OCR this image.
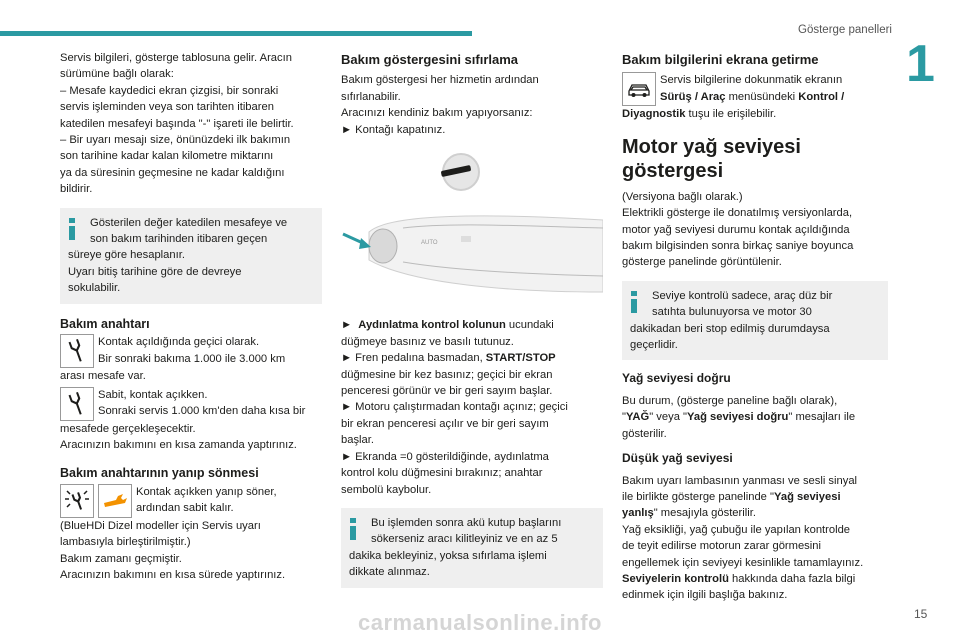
Gösterge panelleri
1
15
carmanualsonline.info

Servis bilgileri, gösterge tablosuna gelir. Aracın

sürümüne bağlı olarak:

– Mesafe kaydedici ekran çizgisi, bir sonraki

servis işleminden veya son tarihten itibaren

katedilen mesafeyi başında "-" işareti ile belirtir.

– Bir uyarı mesajı size, önünüzdeki ilk bakımın

son tarihine kadar kalan kilometre miktarını

ya da süresinin geçmesine ne kadar kaldığını

bildirir.

Gösterilen değer katedilen mesafeye ve

son bakım tarihinden itibaren geçen

süreye göre hesaplanır.

Uyarı bitiş tarihine göre de devreye

sokulabilir.

Bakım anahtarı

Kontak açıldığında geçici olarak.

Bir sonraki bakıma 1.000 ile 3.000 km

arası mesafe var.

Sabit, kontak açıkken.

Sonraki servis 1.000 km'den daha kısa bir

mesafede gerçekleşecektir.

Aracınızın bakımını en kısa zamanda yaptırınız.

Bakım anahtarının yanıp sönmesi

Kontak açıkken yanıp söner,

ardından sabit kalır.

(BlueHDi Dizel modeller için Servis uyarı

lambasıyla birleştirilmiştir.)

Bakım zamanı geçmiştir.

Aracınızın bakımını en kısa sürede yaptırınız.

Bakım göstergesini sıfırlama

Bakım göstergesi her hizmetin ardından

sıfırlanabilir.

Aracınızı kendiniz bakım yapıyorsanız:

► Kontağı kapatınız.

AUTO

► Aydınlatma kontrol kolunun ucundaki

düğmeye basınız ve basılı tutunuz.

► Fren pedalına basmadan, START/STOP

düğmesine bir kez basınız; geçici bir ekran

penceresi görünür ve bir geri sayım başlar.

► Motoru çalıştırmadan kontağı açınız; geçici

bir ekran penceresi açılır ve bir geri sayım

başlar.

► Ekranda =0 gösterildiğinde, aydınlatma

kontrol kolu düğmesini bırakınız; anahtar

sembolü kaybolur.

Bu işlemden sonra akü kutup başlarını

sökerseniz aracı kilitleyiniz ve en az 5

dakika bekleyiniz, yoksa sıfırlama işlemi

dikkate alınmaz.

Bakım bilgilerini ekrana getirme

Servis bilgilerine dokunmatik ekranın

Sürüş / Araç menüsündeki Kontrol /

Diyagnostik tuşu ile erişilebilir.

Motor yağ seviyesi
göstergesi

(Versiyona bağlı olarak.)

Elektrikli gösterge ile donatılmış versiyonlarda,

motor yağ seviyesi durumu kontak açıldığında

bakım bilgisinden sonra birkaç saniye boyunca

gösterge panelinde görüntülenir.

Seviye kontrolü sadece, araç düz bir

satıhta bulunuyorsa ve motor 30

dakikadan beri stop edilmiş durumdaysa

geçerlidir.

Yağ seviyesi doğru

Bu durum, (gösterge paneline bağlı olarak),

"YAĞ" veya "Yağ seviyesi doğru" mesajları ile

gösterilir.

Düşük yağ seviyesi

Bakım uyarı lambasının yanması ve sesli sinyal

ile birlikte gösterge panelinde "Yağ seviyesi

yanlış" mesajıyla gösterilir.

Yağ eksikliği, yağ çubuğu ile yapılan kontrolde

de teyit edilirse motorun zarar görmesini

engellemek için seviyeyi kesinlikle tamamlayınız.

Seviyelerin kontrolü hakkında daha fazla bilgi

edinmek için ilgili başlığa bakınız.
